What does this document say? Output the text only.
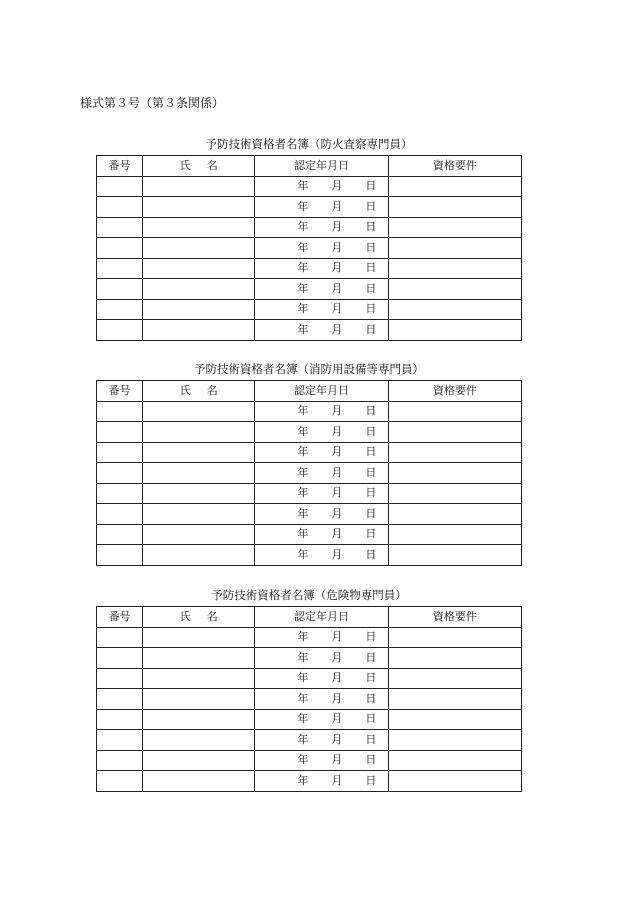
様式第３号（第３条関係）
予防技術資格者名簿（防火査察専門員）
番号	氏 名	認定年月日	資格要件

		年 月 日	

		年 月 日	

		年 月 日	

		年 月 日	

		年 月 日	

		年 月 日	

		年 月 日	

		年 月 日	

予防技術資格者名簿（消防用設備等専門員）
番号	氏 名	認定年月日	資格要件

		年 月 日	

		年 月 日	

		年 月 日	

		年 月 日	

		年 月 日	

		年 月 日	

		年 月 日	

		年 月 日	

予防技術資格者名簿（危険物専門員）
番号	氏 名	認定年月日	資格要件

		年 月 日	

		年 月 日	

		年 月 日	

		年 月 日	

		年 月 日	

		年 月 日	

		年 月 日	

		年 月 日	
